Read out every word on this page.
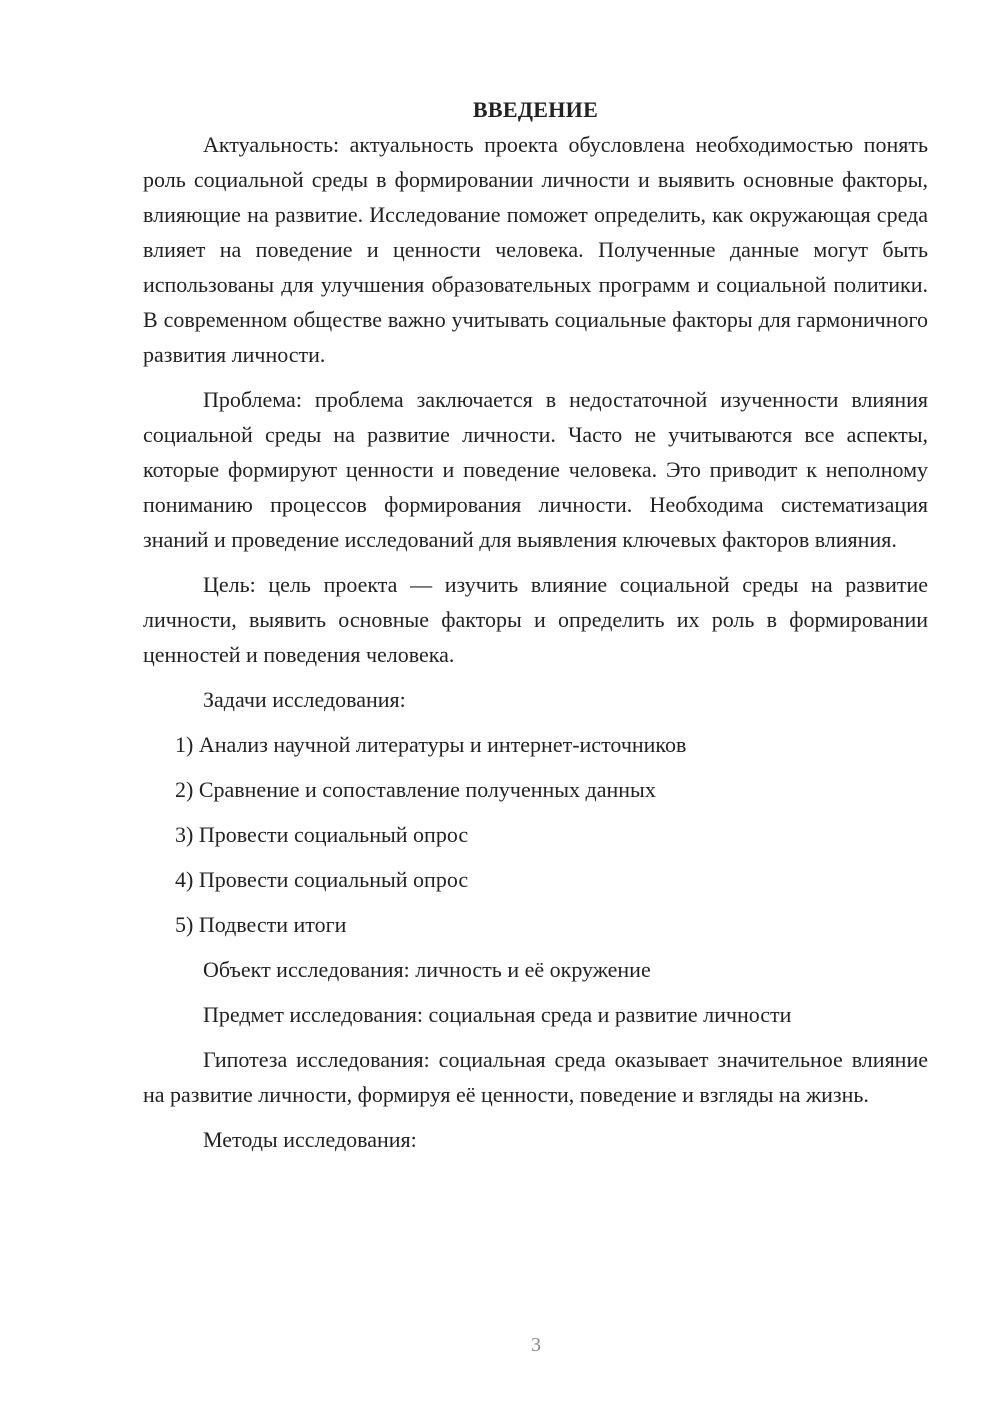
ВВЕДЕНИЕ

Актуальность: актуальность проекта обусловлена необходимостью понять роль социальной среды в формировании личности и выявить основные факторы, влияющие на развитие. Исследование поможет определить, как окружающая среда влияет на поведение и ценности человека. Полученные данные могут быть использованы для улучшения образовательных программ и социальной политики. В современном обществе важно учитывать социальные факторы для гармоничного развития личности.

Проблема: проблема заключается в недостаточной изученности влияния социальной среды на развитие личности. Часто не учитываются все аспекты, которые формируют ценности и поведение человека. Это приводит к неполному пониманию процессов формирования личности. Необходима систематизация знаний и проведение исследований для выявления ключевых факторов влияния.

Цель: цель проекта — изучить влияние социальной среды на развитие личности, выявить основные факторы и определить их роль в формировании ценностей и поведения человека.

Задачи исследования:

1) Анализ научной литературы и интернет-источников
2) Сравнение и сопоставление полученных данных
3) Провести социальный опрос
4) Провести социальный опрос
5) Подвести итоги

Объект исследования: личность и её окружение

Предмет исследования: социальная среда и развитие личности

Гипотеза исследования: социальная среда оказывает значительное влияние на развитие личности, формируя её ценности, поведение и взгляды на жизнь.

Методы исследования:

3
